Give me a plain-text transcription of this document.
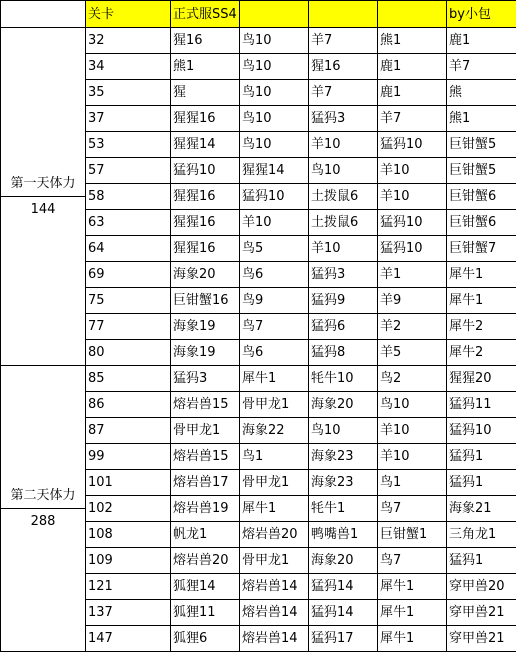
	关卡	正式服SS4				by小包

第一天体力
144	32	猩16	鸟10	羊7	熊1	鹿1
	34	熊1	鸟10	猩16	鹿1	羊7
	35	猩	鸟10	羊7	鹿1	熊
	37	猩猩16	鸟10	猛犸3	羊7	熊1
	53	猩猩14	鸟10	羊10	猛犸10	巨钳蟹5
	57	猛犸10	猩猩14	鸟10	羊10	巨钳蟹5
	58	猩猩16	猛犸10	土拨鼠6	羊10	巨钳蟹6
	63	猩猩16	羊10	土拨鼠6	猛犸10	巨钳蟹6
	64	猩猩16	鸟5	羊10	猛犸10	巨钳蟹7
	69	海象20	鸟6	猛犸3	羊1	犀牛1
	75	巨钳蟹16	鸟9	猛犸9	羊9	犀牛1
	77	海象19	鸟7	猛犸6	羊2	犀牛2
	80	海象19	鸟6	猛犸8	羊5	犀牛2

第二天体力
288	85	猛犸3	犀牛1	牦牛10	鸟2	猩猩20
	86	熔岩兽15	骨甲龙1	海象20	鸟10	猛犸11
	87	骨甲龙1	海象22	鸟10	羊10	猛犸10
	99	熔岩兽15	鸟1	海象23	羊10	猛犸1
	101	熔岩兽17	骨甲龙1	海象23	鸟1	猛犸1
	102	熔岩兽19	犀牛1	牦牛1	鸟7	海象21
	108	帆龙1	熔岩兽20	鸭嘴兽1	巨钳蟹1	三角龙1
	109	熔岩兽20	骨甲龙1	海象20	鸟7	猛犸1
	121	狐狸14	熔岩兽14	猛犸14	犀牛1	穿甲兽20
	137	狐狸11	熔岩兽14	猛犸14	犀牛1	穿甲兽21
	147	狐狸6	熔岩兽14	猛犸17	犀牛1	穿甲兽21
